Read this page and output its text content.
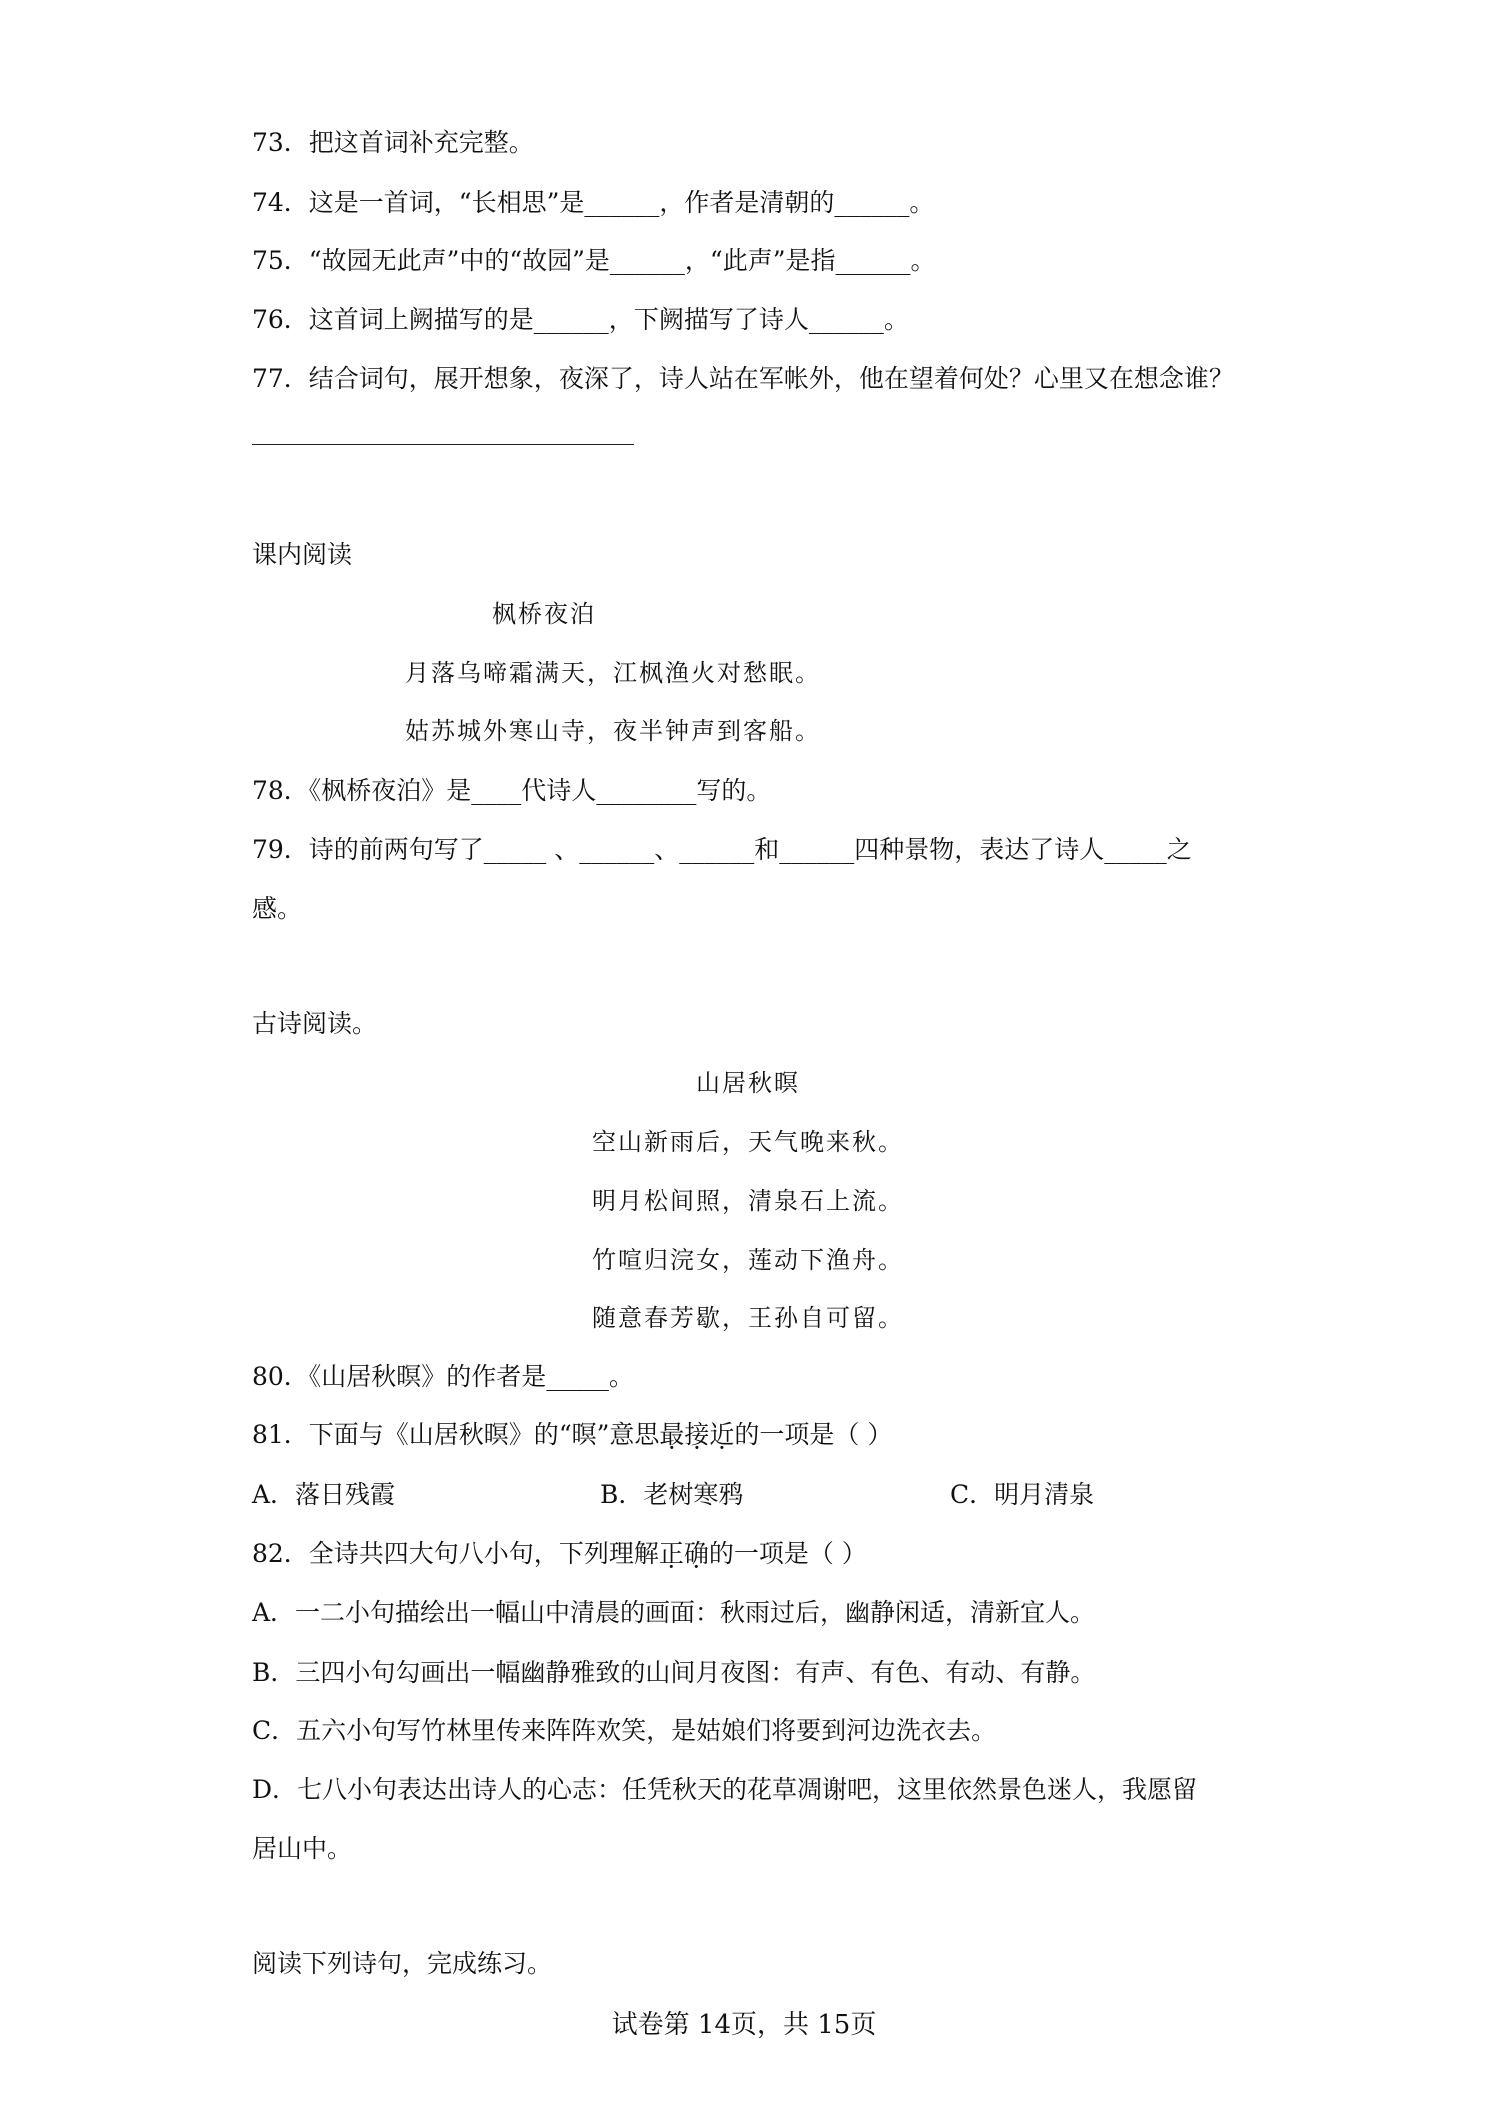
73．把这首词补充完整。
74．这是一首词，“长相思”是______，作者是清朝的______。
75．“故园无此声”中的“故园”是______，“此声”是指______。
76．这首词上阙描写的是______，下阙描写了诗人______。
77．结合词句，展开想象，夜深了，诗人站在军帐外，他在望着何处？心里又在想念谁？
课内阅读
枫桥夜泊
月落乌啼霜满天，江枫渔火对愁眠。
姑苏城外寒山寺，夜半钟声到客船。
78．《枫桥夜泊》是____代诗人________写的。
79．诗的前两句写了_____ 、______、______和______四种景物，表达了诗人_____之
感。
古诗阅读。
山居秋暝
空山新雨后，天气晚来秋。
明月松间照，清泉石上流。
竹喧归浣女，莲动下渔舟。
随意春芳歇，王孙自可留。
80．《山居秋暝》的作者是_____。
81．下面与《山居秋暝》的“暝”意思最接近的一项是（ ）
A．落日残霞	B．老树寒鸦	C．明月清泉
82．全诗共四大句八小句，下列理解正确的一项是（ ）
A．一二小句描绘出一幅山中清晨的画面：秋雨过后，幽静闲适，清新宜人。
B．三四小句勾画出一幅幽静雅致的山间月夜图：有声、有色、有动、有静。
C．五六小句写竹林里传来阵阵欢笑，是姑娘们将要到河边洗衣去。
D．七八小句表达出诗人的心志：任凭秋天的花草凋谢吧，这里依然景色迷人，我愿留
居山中。
阅读下列诗句，完成练习。
试卷第 14页，共 15页
